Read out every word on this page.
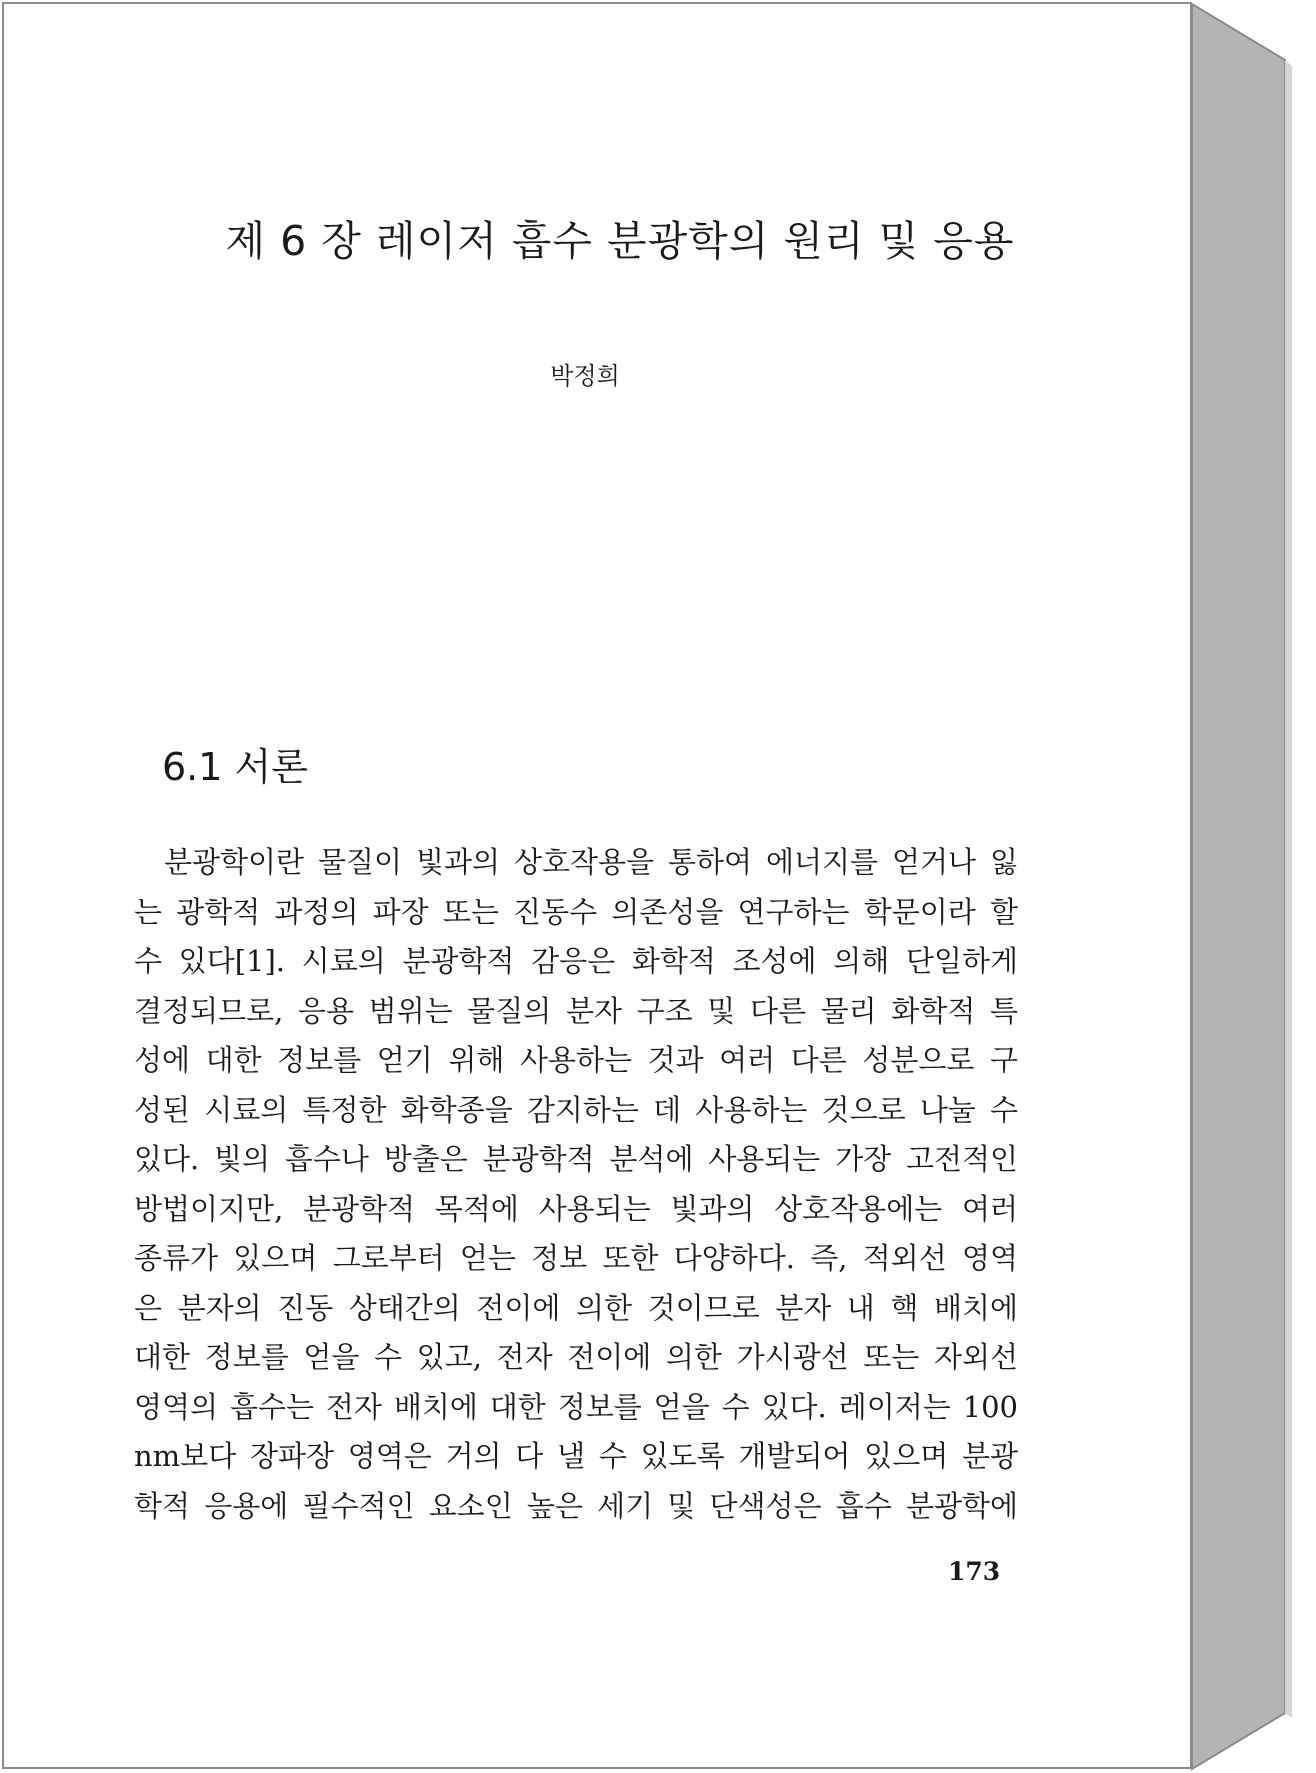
제 6 장 레이저 흡수 분광학의 원리 및 응용
박정희
6.1 서론
분광학이란 물질이 빛과의 상호작용을 통하여 에너지를 얻거나 잃
는 광학적 과정의 파장 또는 진동수 의존성을 연구하는 학문이라 할
수 있다[1]. 시료의 분광학적 감응은 화학적 조성에 의해 단일하게
결정되므로, 응용 범위는 물질의 분자 구조 및 다른 물리 화학적 특
성에 대한 정보를 얻기 위해 사용하는 것과 여러 다른 성분으로 구
성된 시료의 특정한 화학종을 감지하는 데 사용하는 것으로 나눌 수
있다. 빛의 흡수나 방출은 분광학적 분석에 사용되는 가장 고전적인
방법이지만, 분광학적 목적에 사용되는 빛과의 상호작용에는 여러
종류가 있으며 그로부터 얻는 정보 또한 다양하다. 즉, 적외선 영역
은 분자의 진동 상태간의 전이에 의한 것이므로 분자 내 핵 배치에
대한 정보를 얻을 수 있고, 전자 전이에 의한 가시광선 또는 자외선
영역의 흡수는 전자 배치에 대한 정보를 얻을 수 있다. 레이저는 100
nm보다 장파장 영역은 거의 다 낼 수 있도록 개발되어 있으며 분광
학적 응용에 필수적인 요소인 높은 세기 및 단색성은 흡수 분광학에
173
